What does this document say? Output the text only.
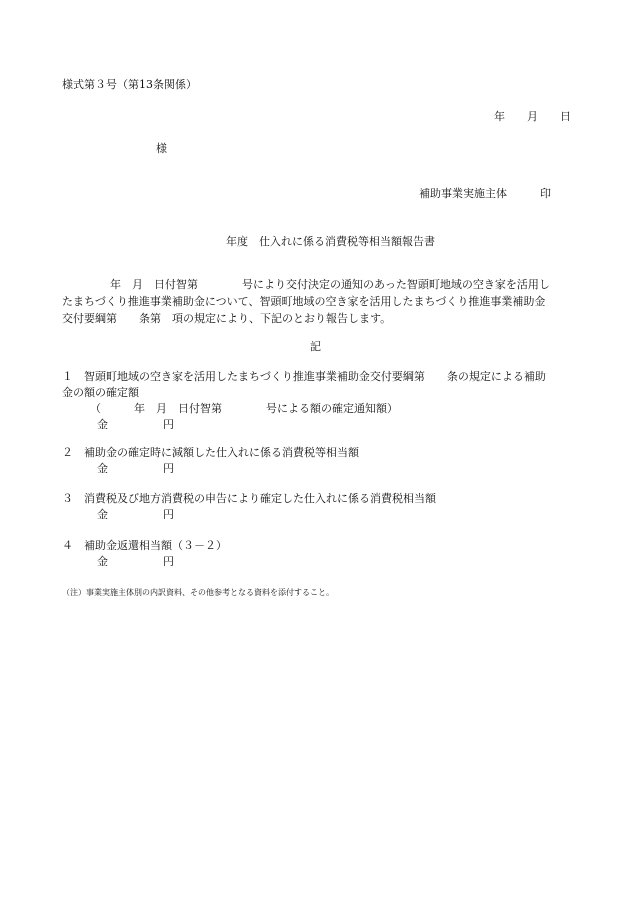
様式第３号（第13条関係）
年　　月　　日
様
補助事業実施主体　　　印
年度　仕入れに係る消費税等相当額報告書
年　月　日付智第　　　　号により交付決定の通知のあった智頭町地域の空き家を活用し
たまちづくり推進事業補助金について、智頭町地域の空き家を活用したまちづくり推進事業補助金
交付要綱第　　条第　項の規定により、下記のとおり報告します。
記
１　智頭町地域の空き家を活用したまちづくり推進事業補助金交付要綱第　　条の規定による補助
金の額の確定額
（　　　年　月　日付智第　　　　号による額の確定通知額）
金　　　　　円
２　補助金の確定時に減額した仕入れに係る消費税等相当額
金　　　　　円
３　消費税及び地方消費税の申告により確定した仕入れに係る消費税相当額
金　　　　　円
４　補助金返還相当額（３－２）
金　　　　　円
（注）事業実施主体別の内訳資料、その他参考となる資料を添付すること。
